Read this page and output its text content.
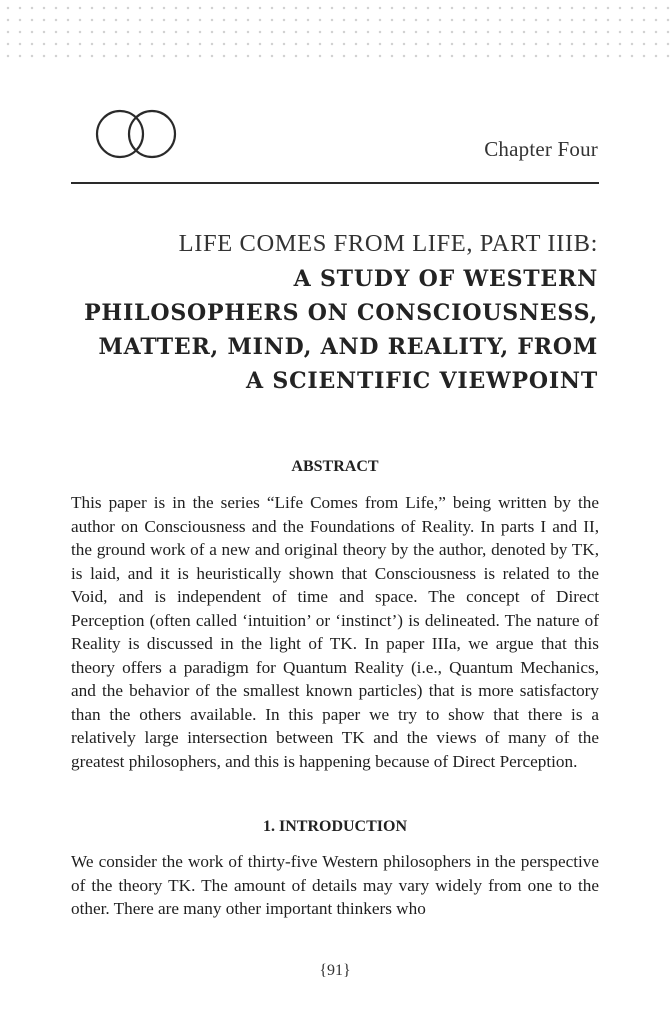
Chapter Four
LIFE COMES FROM LIFE, PART IIIB:
A STUDY OF WESTERN
PHILOSOPHERS ON CONSCIOUSNESS,
MATTER, MIND, AND REALITY, FROM
A SCIENTIFIC VIEWPOINT
ABSTRACT
This paper is in the series “Life Comes from Life,” being written by the author on Consciousness and the Foundations of Reality. In parts I and II, the ground work of a new and original theory by the author, denoted by TK, is laid, and it is heuristically shown that Consciousness is related to the Void, and is independent of time and space. The concept of Direct Perception (often called ‘intuition’ or ‘instinct’) is delineated. The nature of Reality is discussed in the light of TK. In paper IIIa, we argue that this theory offers a paradigm for Quantum Reality (i.e., Quantum Mechanics, and the behavior of the smallest known particles) that is more satisfactory than the others available. In this paper we try to show that there is a relatively large intersection between TK and the views of many of the greatest philosophers, and this is happening because of Direct Perception.
1. INTRODUCTION
We consider the work of thirty-five Western philosophers in the perspective of the theory TK. The amount of details may vary widely from one to the other. There are many other important thinkers who
{91}
